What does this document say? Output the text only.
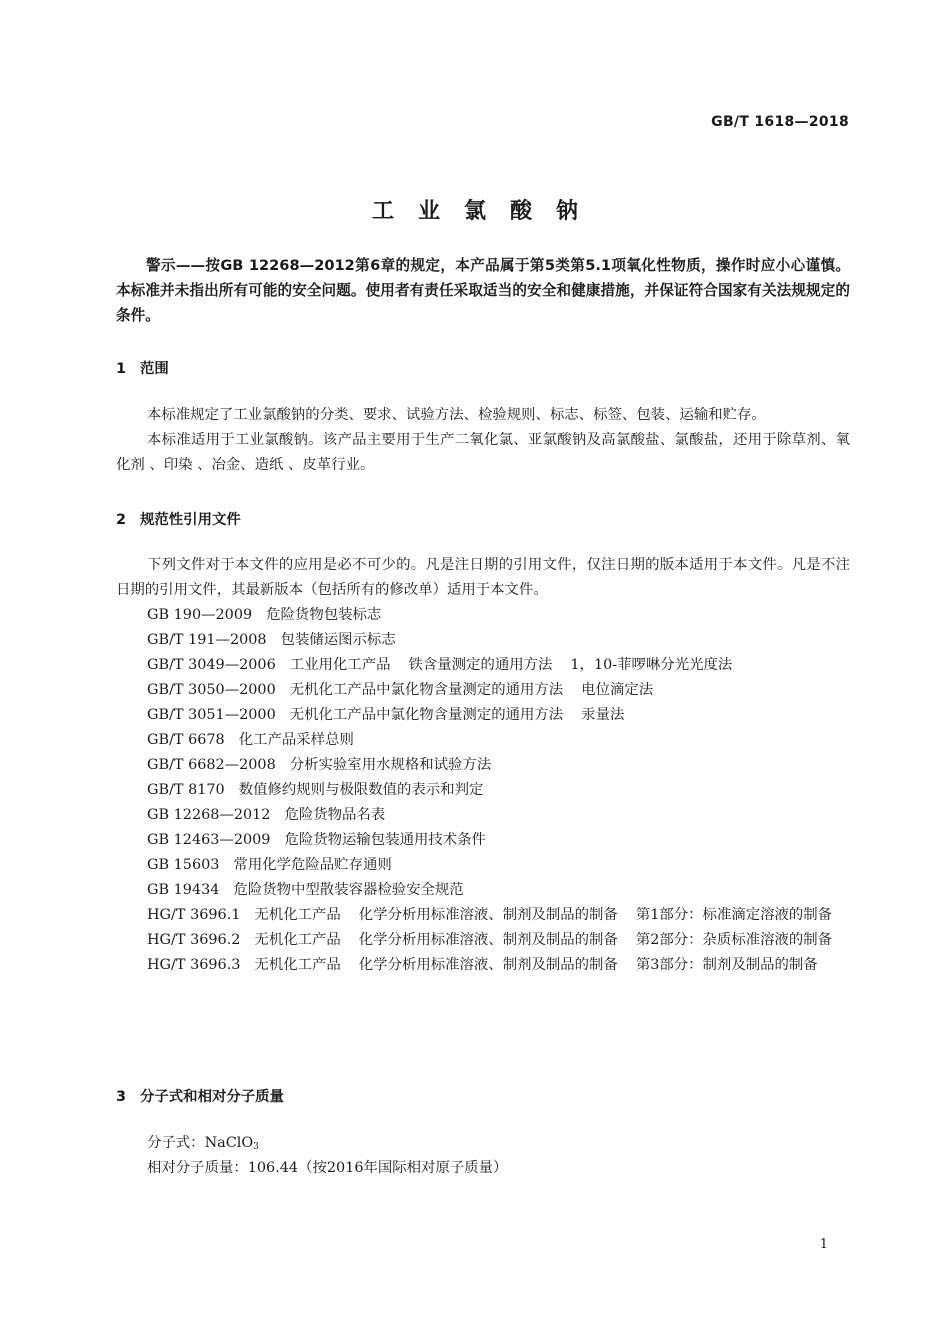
GB/T 1618—2018
工业氯酸钠
警示——按GB 12268—2012第6章的规定，本产品属于第5类第5.1项氧化性物质，操作时应小心谨慎。本标准并未指出所有可能的安全问题。使用者有责任采取适当的安全和健康措施，并保证符合国家有关法规规定的条件。
1 范围
本标准规定了工业氯酸钠的分类、要求、试验方法、检验规则、标志、标签、包装、运输和贮存。
本标准适用于工业氯酸钠。该产品主要用于生产二氧化氯、亚氯酸钠及高氯酸盐、氯酸盐，还用于除草剂、氧化剂 、印染 、冶金、造纸 、皮革行业。
2 规范性引用文件
下列文件对于本文件的应用是必不可少的。凡是注日期的引用文件，仅注日期的版本适用于本文件。凡是不注日期的引用文件，其最新版本（包括所有的修改单）适用于本文件。
GB 190—2009 危险货物包装标志
GB/T 191—2008 包装储运图示标志
GB/T 3049—2006 工业用化工产品 铁含量测定的通用方法 1，10-菲啰啉分光光度法
GB/T 3050—2000 无机化工产品中氯化物含量测定的通用方法 电位滴定法
GB/T 3051—2000 无机化工产品中氯化物含量测定的通用方法 汞量法
GB/T 6678 化工产品采样总则
GB/T 6682—2008 分析实验室用水规格和试验方法
GB/T 8170 数值修约规则与极限数值的表示和判定
GB 12268—2012 危险货物品名表
GB 12463—2009 危险货物运输包装通用技术条件
GB 15603 常用化学危险品贮存通则
GB 19434 危险货物中型散装容器检验安全规范
HG/T 3696.1 无机化工产品 化学分析用标准溶液、制剂及制品的制备 第1部分：标准滴定溶液的制备
HG/T 3696.2 无机化工产品 化学分析用标准溶液、制剂及制品的制备 第2部分：杂质标准溶液的制备
HG/T 3696.3 无机化工产品 化学分析用标准溶液、制剂及制品的制备 第3部分：制剂及制品的制备
3 分子式和相对分子质量
分子式：NaClO$_3$
相对分子质量：106.44（按2016年国际相对原子质量）
1
